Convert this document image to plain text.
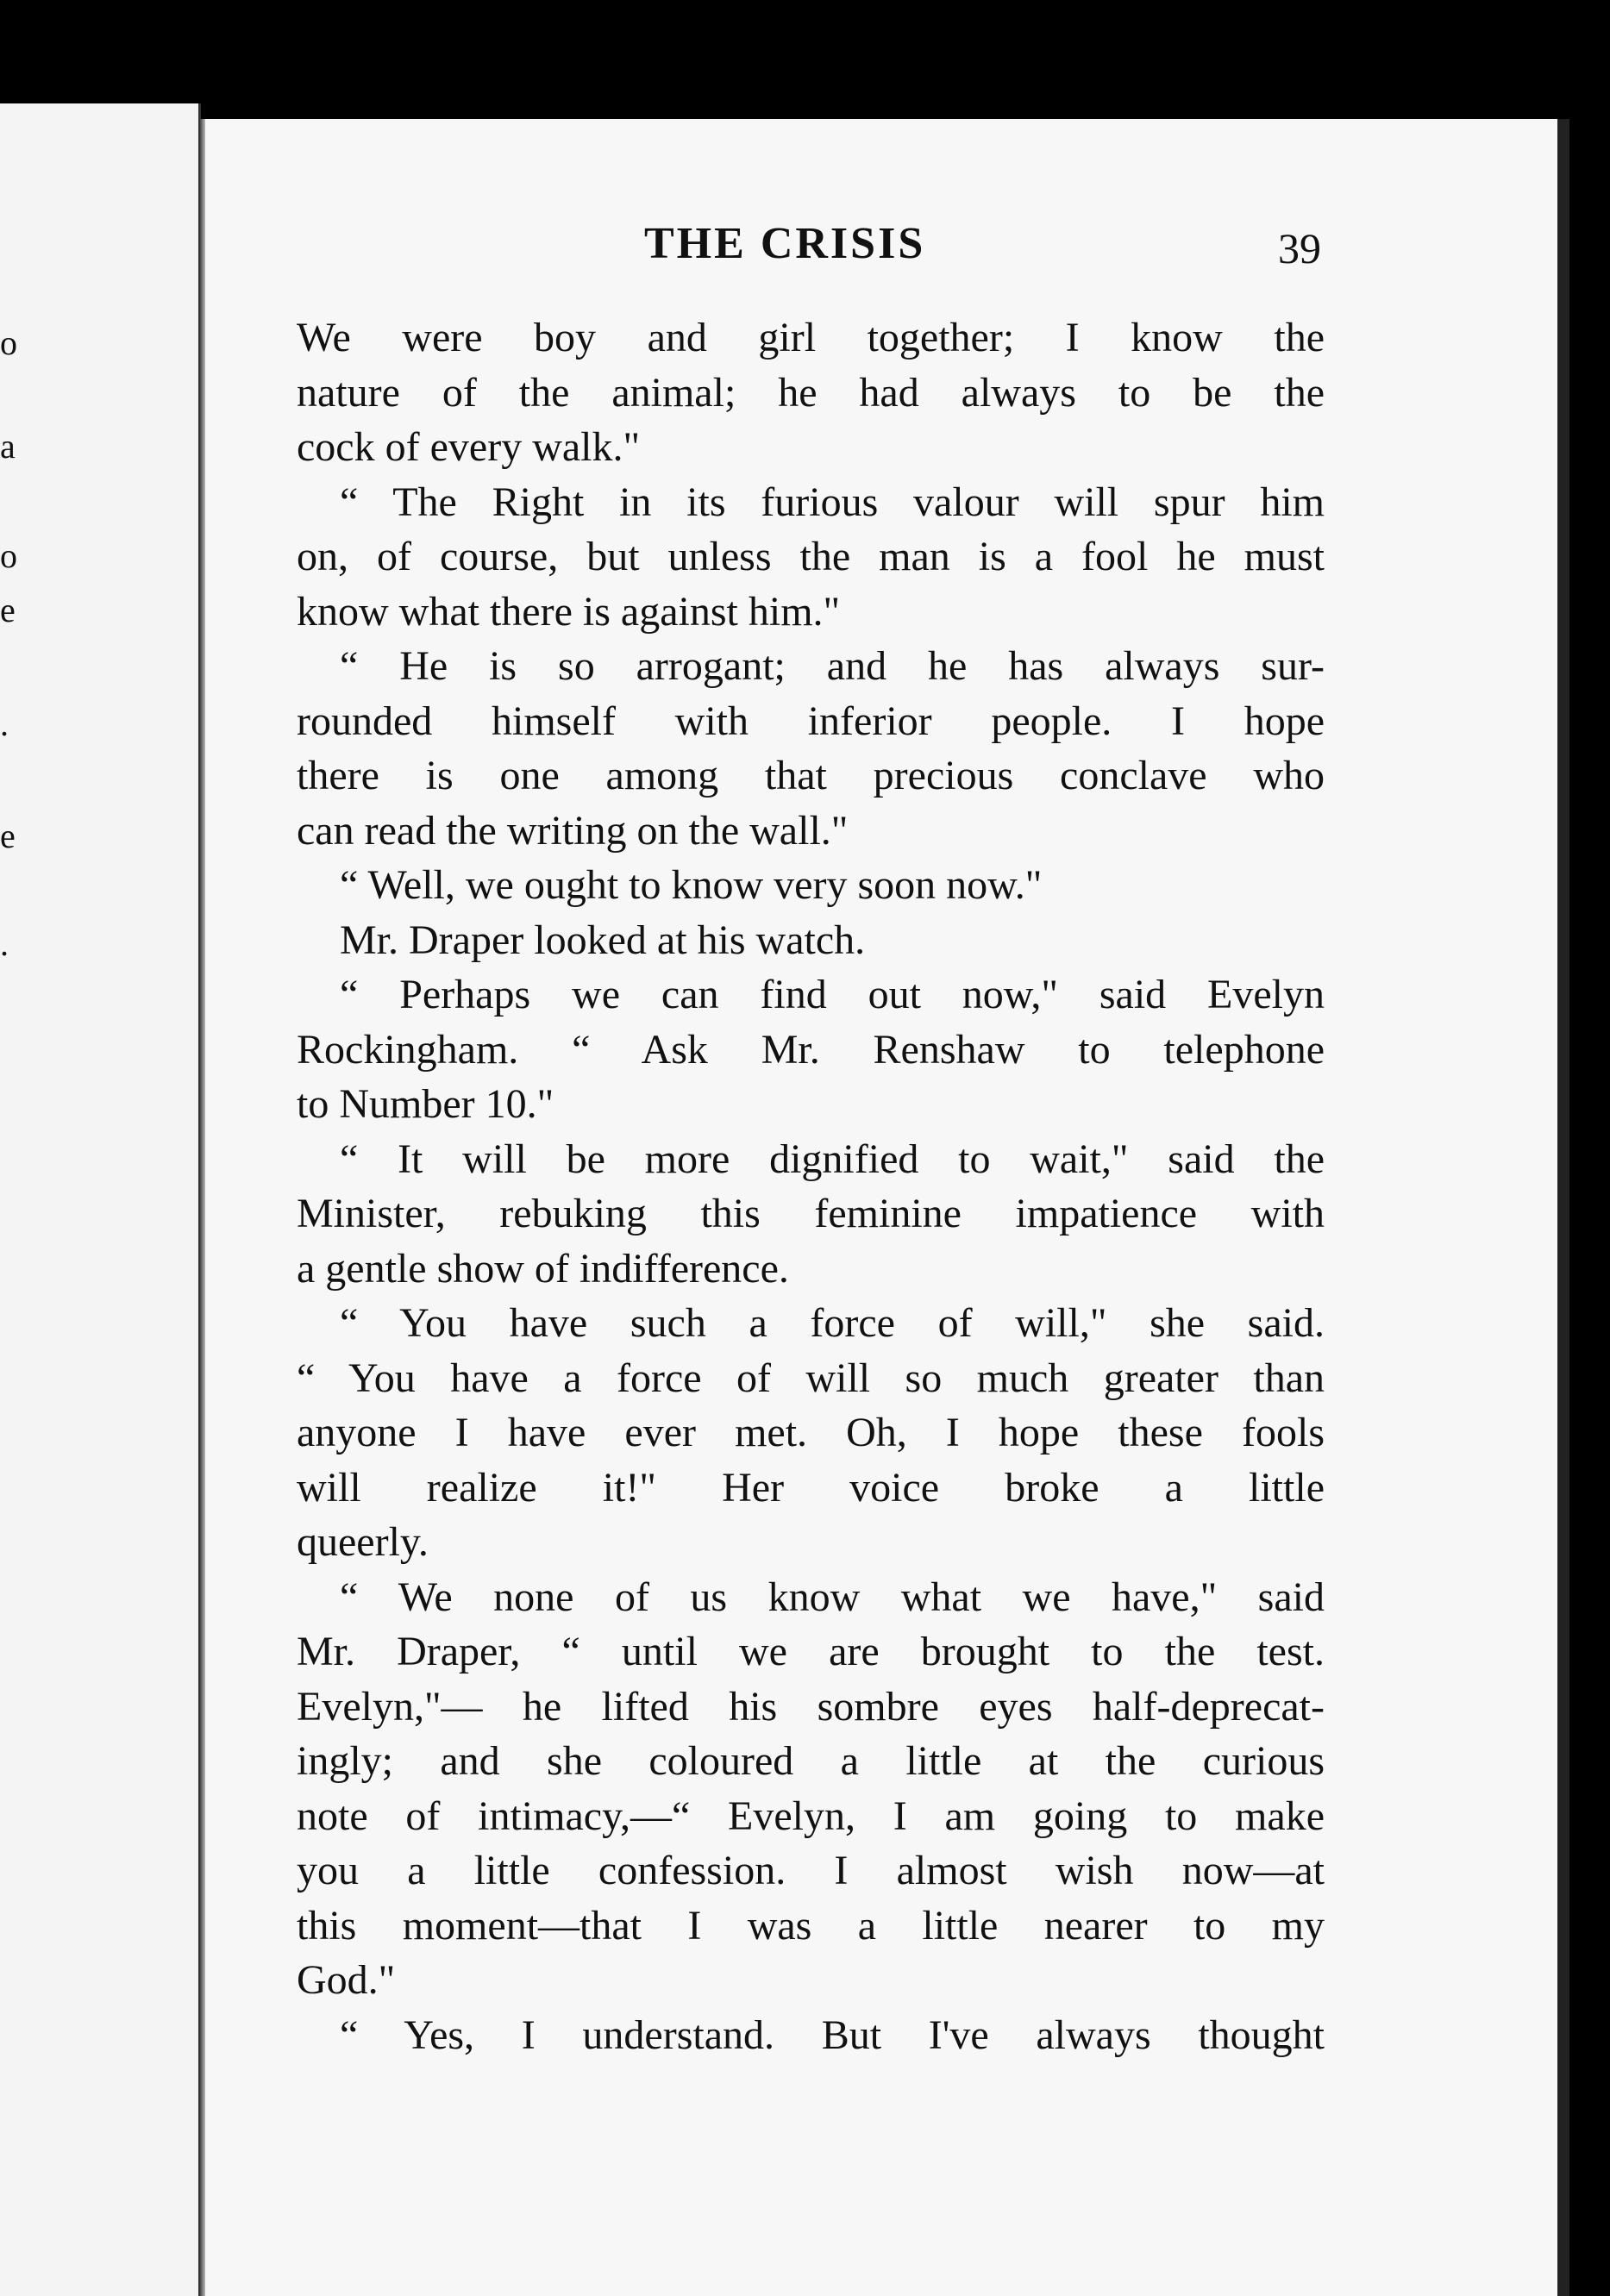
o
a
o
e
.
e
.
THE CRISIS	39
We were boy and girl together; I know the
nature of the animal; he had always to be the
cock of every walk."
“ The Right in its furious valour will spur him
on, of course, but unless the man is a fool he must
know what there is against him."
“ He is so arrogant; and he has always sur-
rounded himself with inferior people. I hope
there is one among that precious conclave who
can read the writing on the wall."
“ Well, we ought to know very soon now."
Mr. Draper looked at his watch.
“ Perhaps we can find out now," said Evelyn
Rockingham. “ Ask Mr. Renshaw to telephone
to Number 10."
“ It will be more dignified to wait," said the
Minister, rebuking this feminine impatience with
a gentle show of indifference.
“ You have such a force of will," she said.
“ You have a force of will so much greater than
anyone I have ever met. Oh, I hope these fools
will realize it!" Her voice broke a little
queerly.
“ We none of us know what we have," said
Mr. Draper, “ until we are brought to the test.
Evelyn,"— he lifted his sombre eyes half-deprecat-
ingly; and she coloured a little at the curious
note of intimacy,—“ Evelyn, I am going to make
you a little confession. I almost wish now—at
this moment—that I was a little nearer to my
God."
“ Yes, I understand. But I've always thought
